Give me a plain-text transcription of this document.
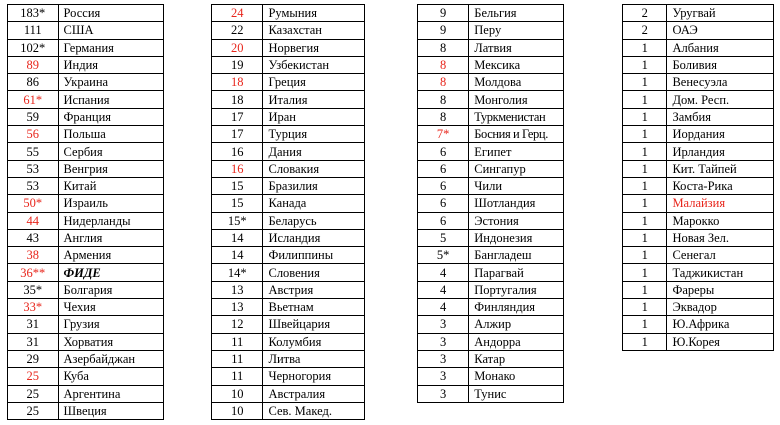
183*	Россия
111	США
102*	Германия
89	Индия
86	Украина
61*	Испания
59	Франция
56	Польша
55	Сербия
53	Венгрия
53	Китай
50*	Израиль
44	Нидерланды
43	Англия
38	Армения
36**	ФИДЕ
35*	Болгария
33*	Чехия
31	Грузия
31	Хорватия
29	Азербайджан
25	Куба
25	Аргентина
25	Швеция
24	Румыния
22	Казахстан
20	Норвегия
19	Узбекистан
18	Греция
18	Италия
17	Иран
17	Турция
16	Дания
16	Словакия
15	Бразилия
15	Канада
15*	Беларусь
14	Исландия
14	Филиппины
14*	Словения
13	Австрия
13	Вьетнам
12	Швейцария
11	Колумбия
11	Литва
11	Черногория
10	Австралия
10	Сев. Макед.
9	Бельгия
9	Перу
8	Латвия
8	Мексика
8	Молдова
8	Монголия
8	Туркменистан
7*	Босния и Герц.
6	Египет
6	Сингапур
6	Чили
6	Шотландия
6	Эстония
5	Индонезия
5*	Бангладеш
4	Парагвай
4	Португалия
4	Финляндия
3	Алжир
3	Андорра
3	Катар
3	Монако
3	Тунис
2	Уругвай
2	ОАЭ
1	Албания
1	Боливия
1	Венесуэла
1	Дом. Респ.
1	Замбия
1	Иордания
1	Ирландия
1	Кит. Тайпей
1	Коста-Рика
1	Малайзия
1	Марокко
1	Новая Зел.
1	Сенегал
1	Таджикистан
1	Фареры
1	Эквадор
1	Ю.Африка
1	Ю.Корея
